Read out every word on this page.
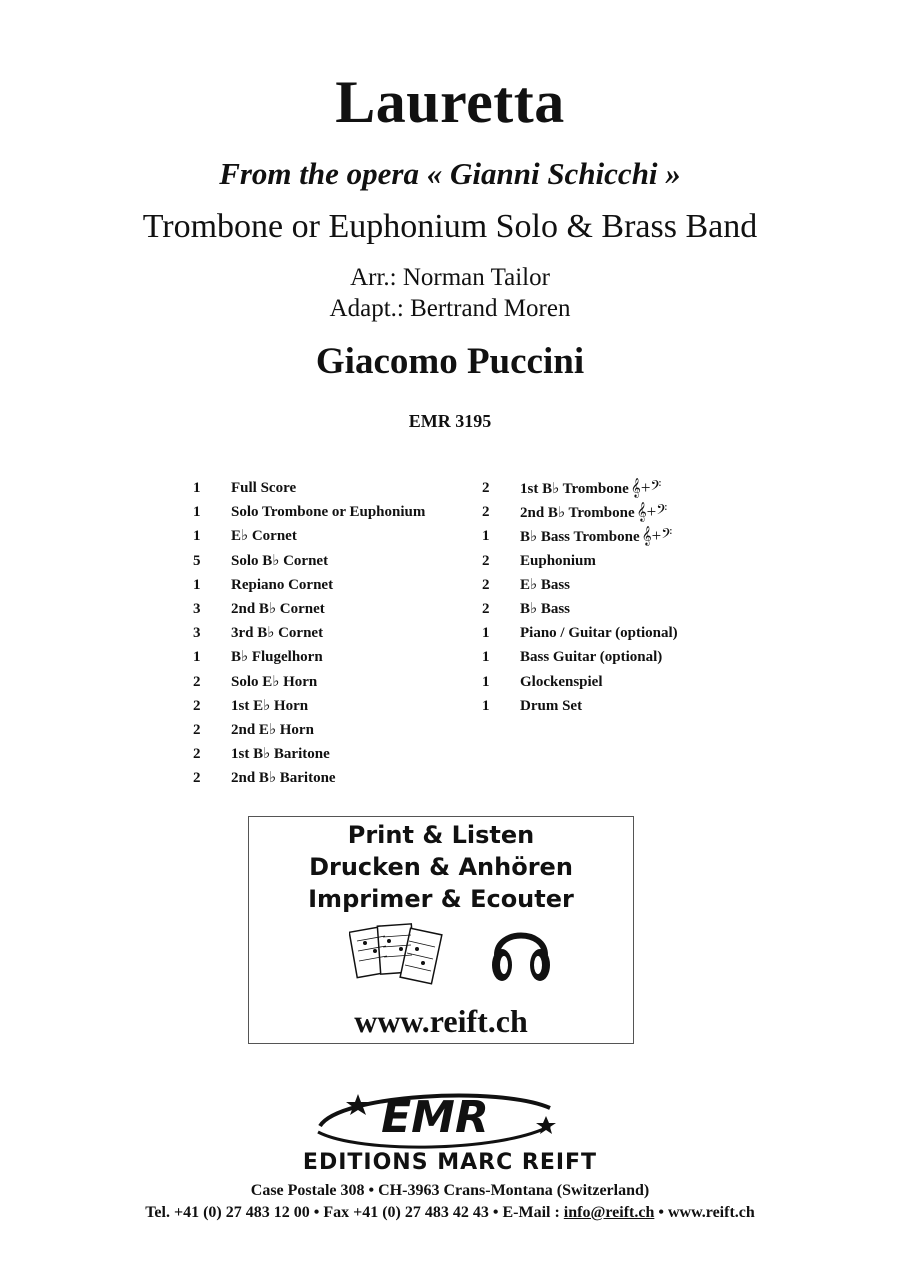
Lauretta
From the opera « Gianni Schicchi »
Trombone or Euphonium Solo & Brass Band
Arr.: Norman Tailor
Adapt.: Bertrand Moren
Giacomo Puccini
EMR 3195
1	Full Score
1	Solo Trombone or Euphonium
1	E♭ Cornet
5	Solo B♭ Cornet
1	Repiano Cornet
3	2nd B♭ Cornet
3	3rd B♭ Cornet
1	B♭ Flugelhorn
2	Solo E♭ Horn
2	1st E♭ Horn
2	2nd E♭ Horn
2	1st B♭ Baritone
2	2nd B♭ Baritone
2	1st B♭ Trombone 𝄞+𝄢
2	2nd B♭ Trombone 𝄞+𝄢
1	B♭ Bass Trombone 𝄞+𝄢
2	Euphonium
2	E♭ Bass
2	B♭ Bass
1	Piano / Guitar (optional)
1	Bass Guitar (optional)
1	Glockenspiel
1	Drum Set
Print & Listen
Drucken & Anhören
Imprimer & Ecouter
www.reift.ch
EMR
EDITIONS MARC REIFT
Case Postale 308 • CH-3963 Crans-Montana (Switzerland)
Tel. +41 (0) 27 483 12 00 • Fax +41 (0) 27 483 42 43 • E-Mail : info@reift.ch • www.reift.ch
